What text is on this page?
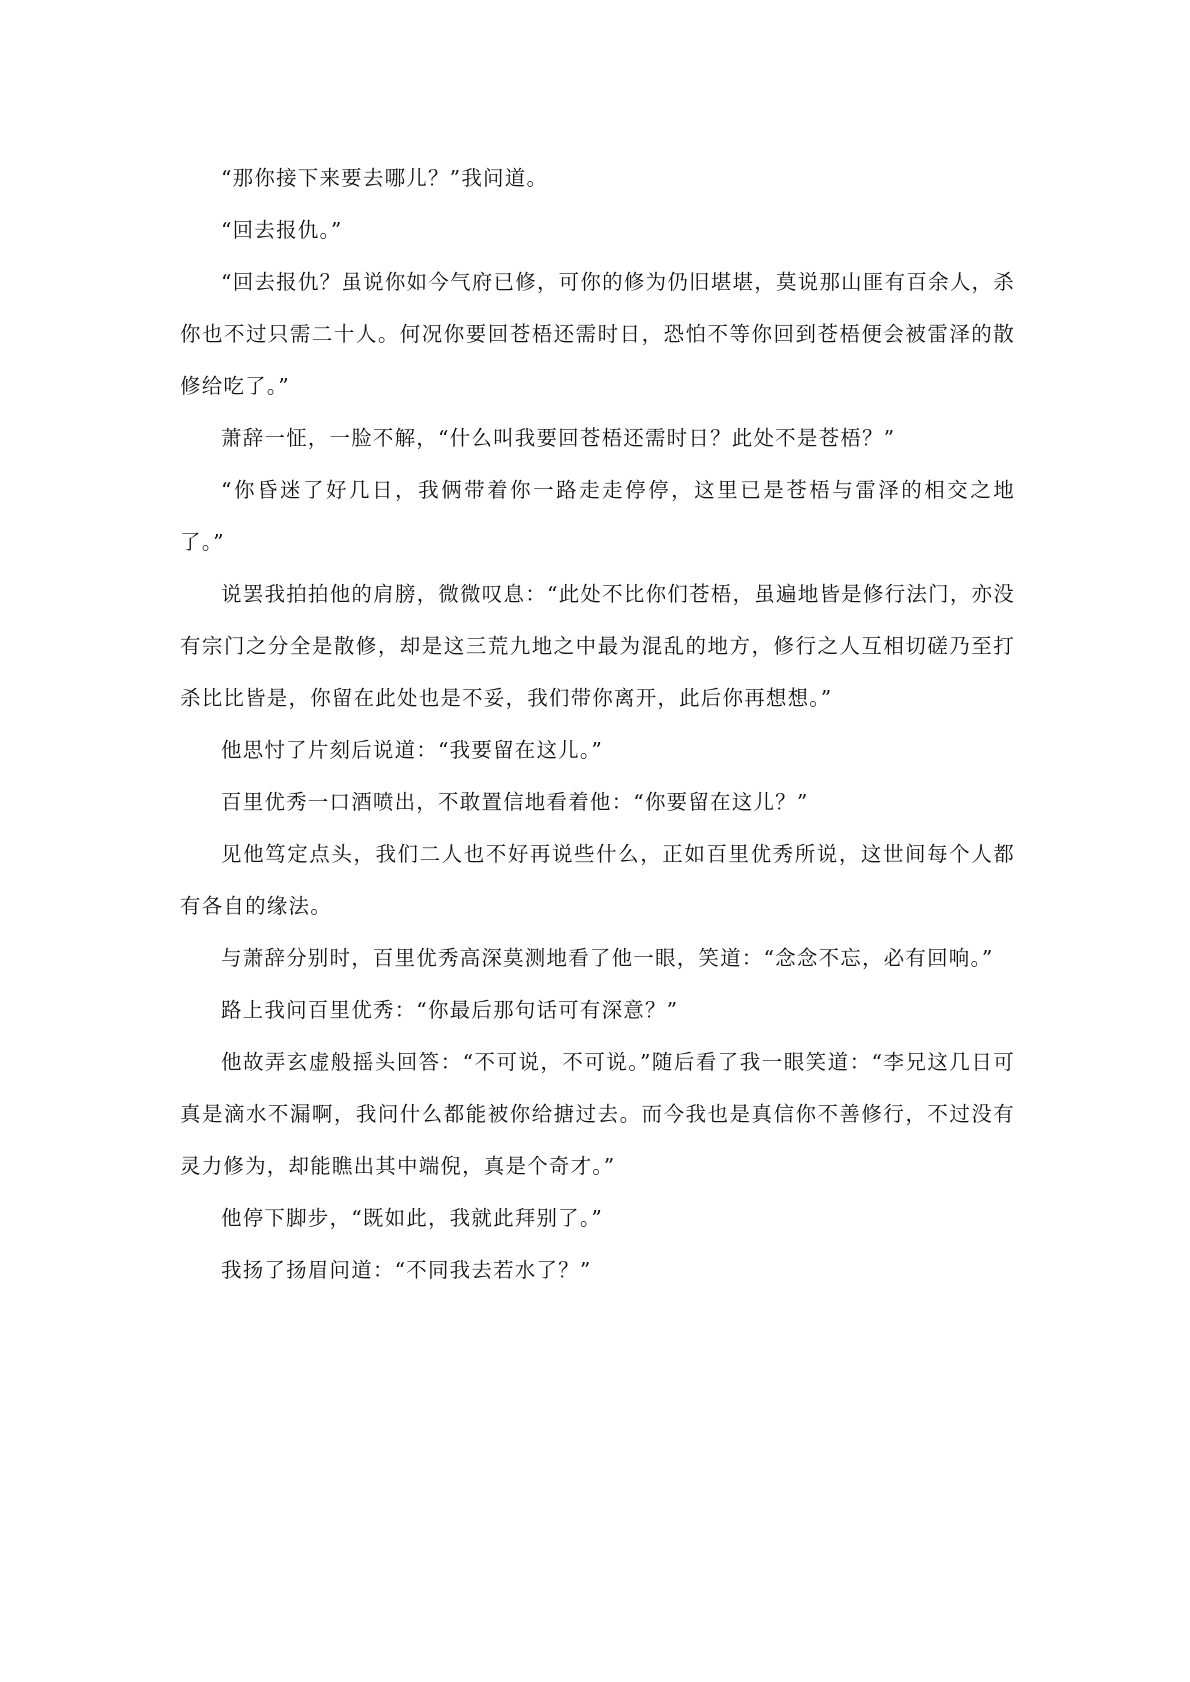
“那你接下来要去哪儿？”我问道。

“回去报仇。”

“回去报仇？虽说你如今气府已修，可你的修为仍旧堪堪，莫说那山匪有百余人，杀你也不过只需二十人。何况你要回苍梧还需时日，恐怕不等你回到苍梧便会被雷泽的散修给吃了。”

萧辞一怔，一脸不解，“什么叫我要回苍梧还需时日？此处不是苍梧？”

“你昏迷了好几日，我俩带着你一路走走停停，这里已是苍梧与雷泽的相交之地了。”

说罢我拍拍他的肩膀，微微叹息：“此处不比你们苍梧，虽遍地皆是修行法门，亦没有宗门之分全是散修，却是这三荒九地之中最为混乱的地方，修行之人互相切磋乃至打杀比比皆是，你留在此处也是不妥，我们带你离开，此后你再想想。”

他思忖了片刻后说道：“我要留在这儿。”

百里优秀一口酒喷出，不敢置信地看着他：“你要留在这儿？”

见他笃定点头，我们二人也不好再说些什么，正如百里优秀所说，这世间每个人都有各自的缘法。

与萧辞分别时，百里优秀高深莫测地看了他一眼，笑道：“念念不忘，必有回响。”

路上我问百里优秀：“你最后那句话可有深意？”

他故弄玄虚般摇头回答：“不可说，不可说。”随后看了我一眼笑道：“李兄这几日可真是滴水不漏啊，我问什么都能被你给搪过去。而今我也是真信你不善修行，不过没有灵力修为，却能瞧出其中端倪，真是个奇才。”

他停下脚步，“既如此，我就此拜别了。”

我扬了扬眉问道：“不同我去若水了？”
